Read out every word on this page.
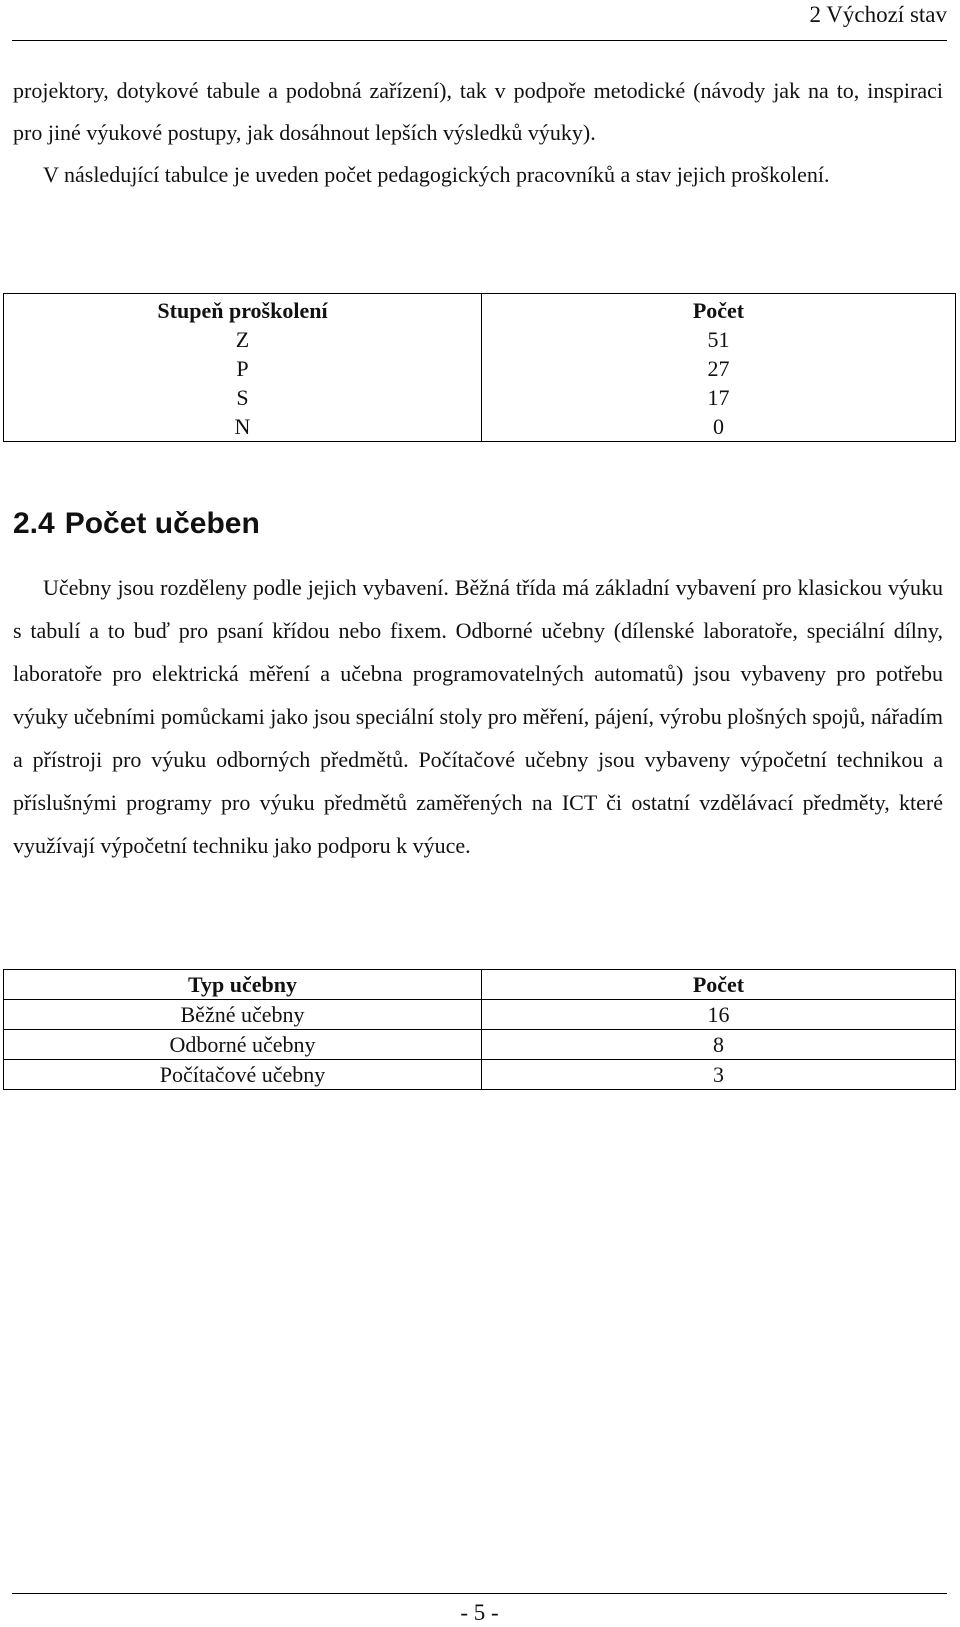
2 Výchozí stav

projektory, dotykové tabule a podobná zařízení), tak v podpoře metodické (návody jak na to, inspiraci pro jiné výukové postupy, jak dosáhnout lepších výsledků výuky).
V následující tabulce je uveden počet pedagogických pracovníků a stav jejich proškolení.

Stupeň proškolení	Počet
Z	51
P	27
S	17
N	0
2.4 Počet učeben

Učebny jsou rozděleny podle jejich vybavení. Běžná třída má základní vybavení pro klasickou výuku s tabulí a to buď pro psaní křídou nebo fixem. Odborné učebny (dílenské laboratoře, speciální dílny, laboratoře pro elektrická měření a učebna programovatelných automatů) jsou vybaveny pro potřebu výuky učebními pomůckami jako jsou speciální stoly pro měření, pájení, výrobu plošných spojů, nářadím a přístroji pro výuku odborných předmětů. Počítačové učebny jsou vybaveny výpočetní technikou a příslušnými programy pro výuku předmětů zaměřených na ICT či ostatní vzdělávací předměty, které využívají výpočetní techniku jako podporu k výuce.

Typ učebny	Počet
Běžné učebny	16
Odborné učebny	8
Počítačové učebny	3
- 5 -
